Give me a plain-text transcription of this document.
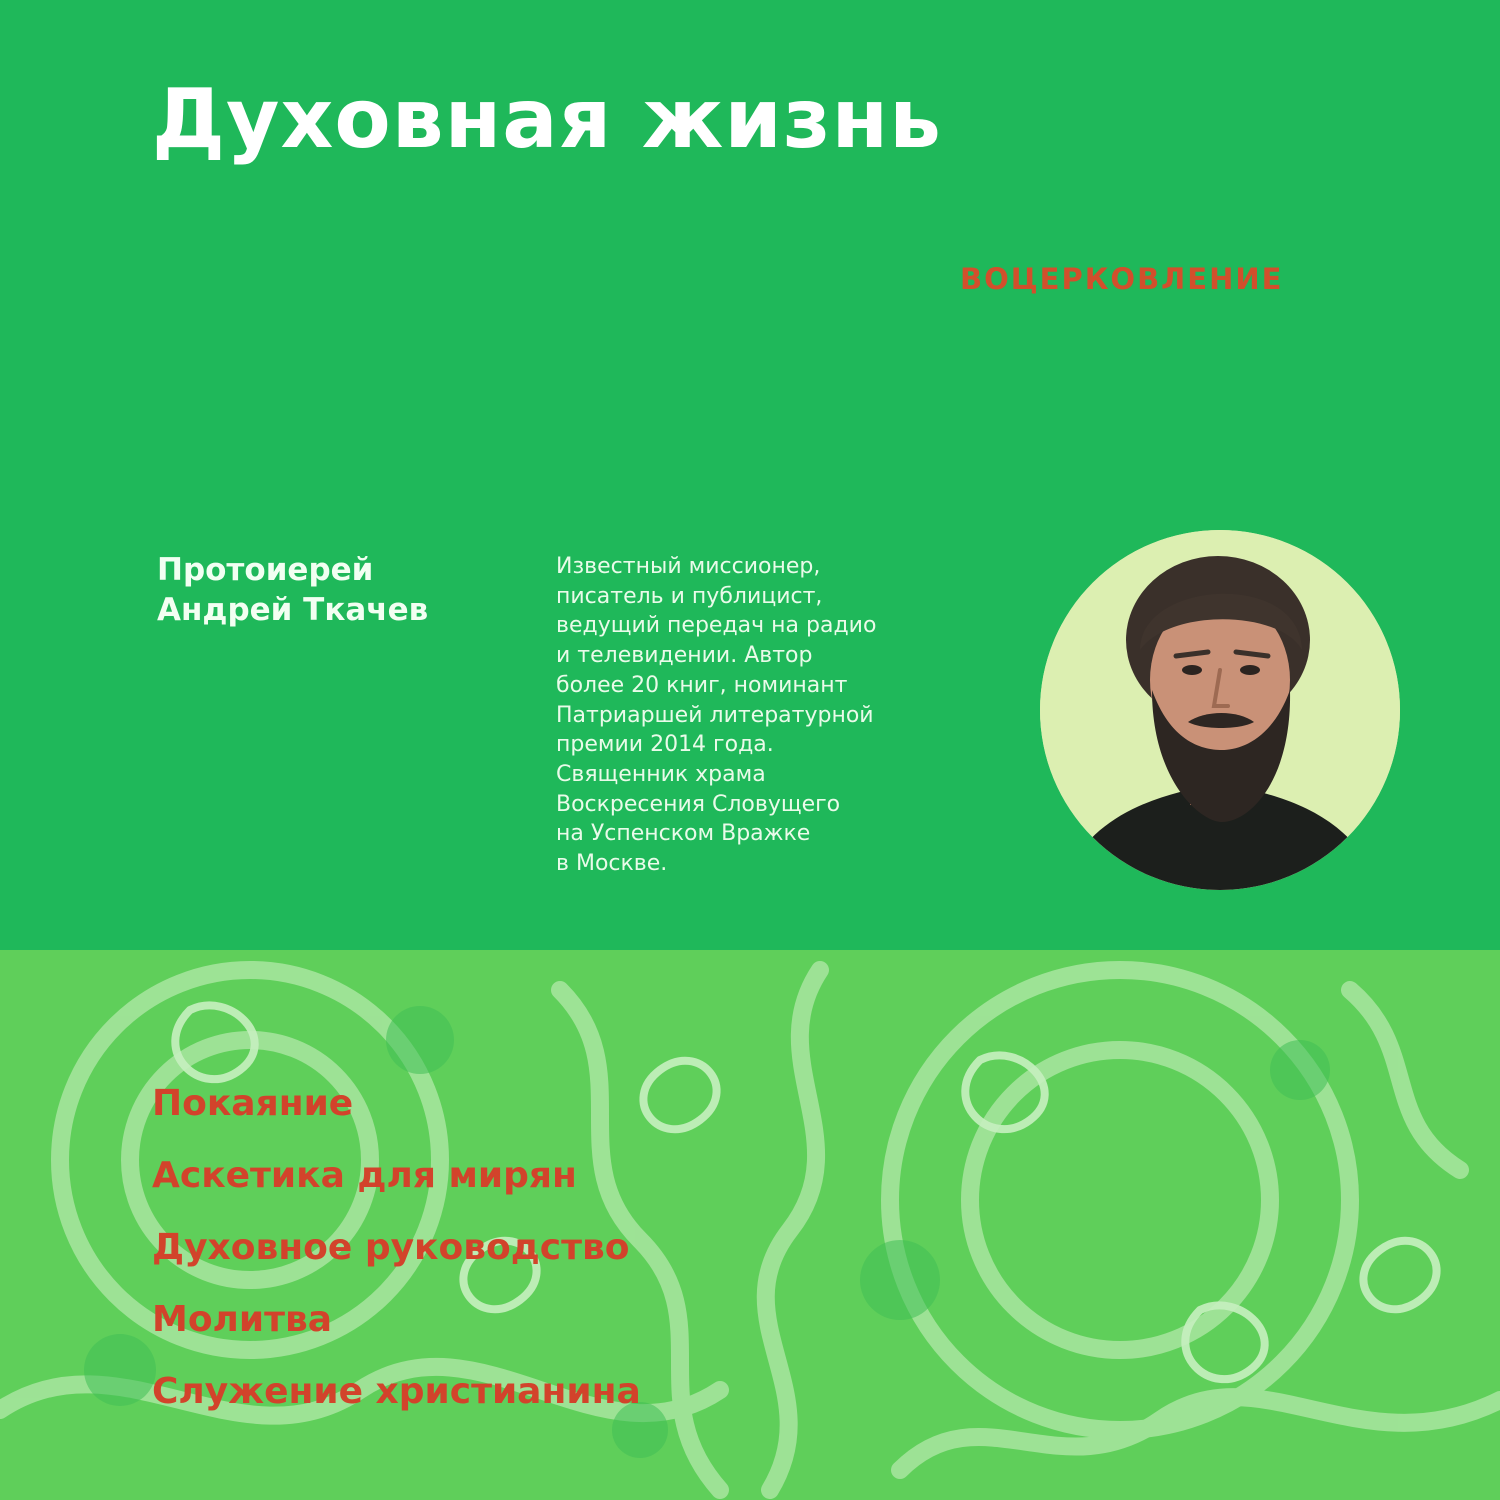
Духовная жизнь
ВОЦЕРКОВЛЕНИЕ
Протоиерей
Андрей Ткачев
Известный миссионер,
писатель и публицист,
ведущий передач на радио
и телевидении. Автор
более 20 книг, номинант
Патриаршей литературной
премии 2014 года.
Священник храма
Воскресения Словущего
на Успенском Вражке
в Москве.
Покаяние
Аскетика для мирян
Духовное руководство
Молитва
Служение христианина
